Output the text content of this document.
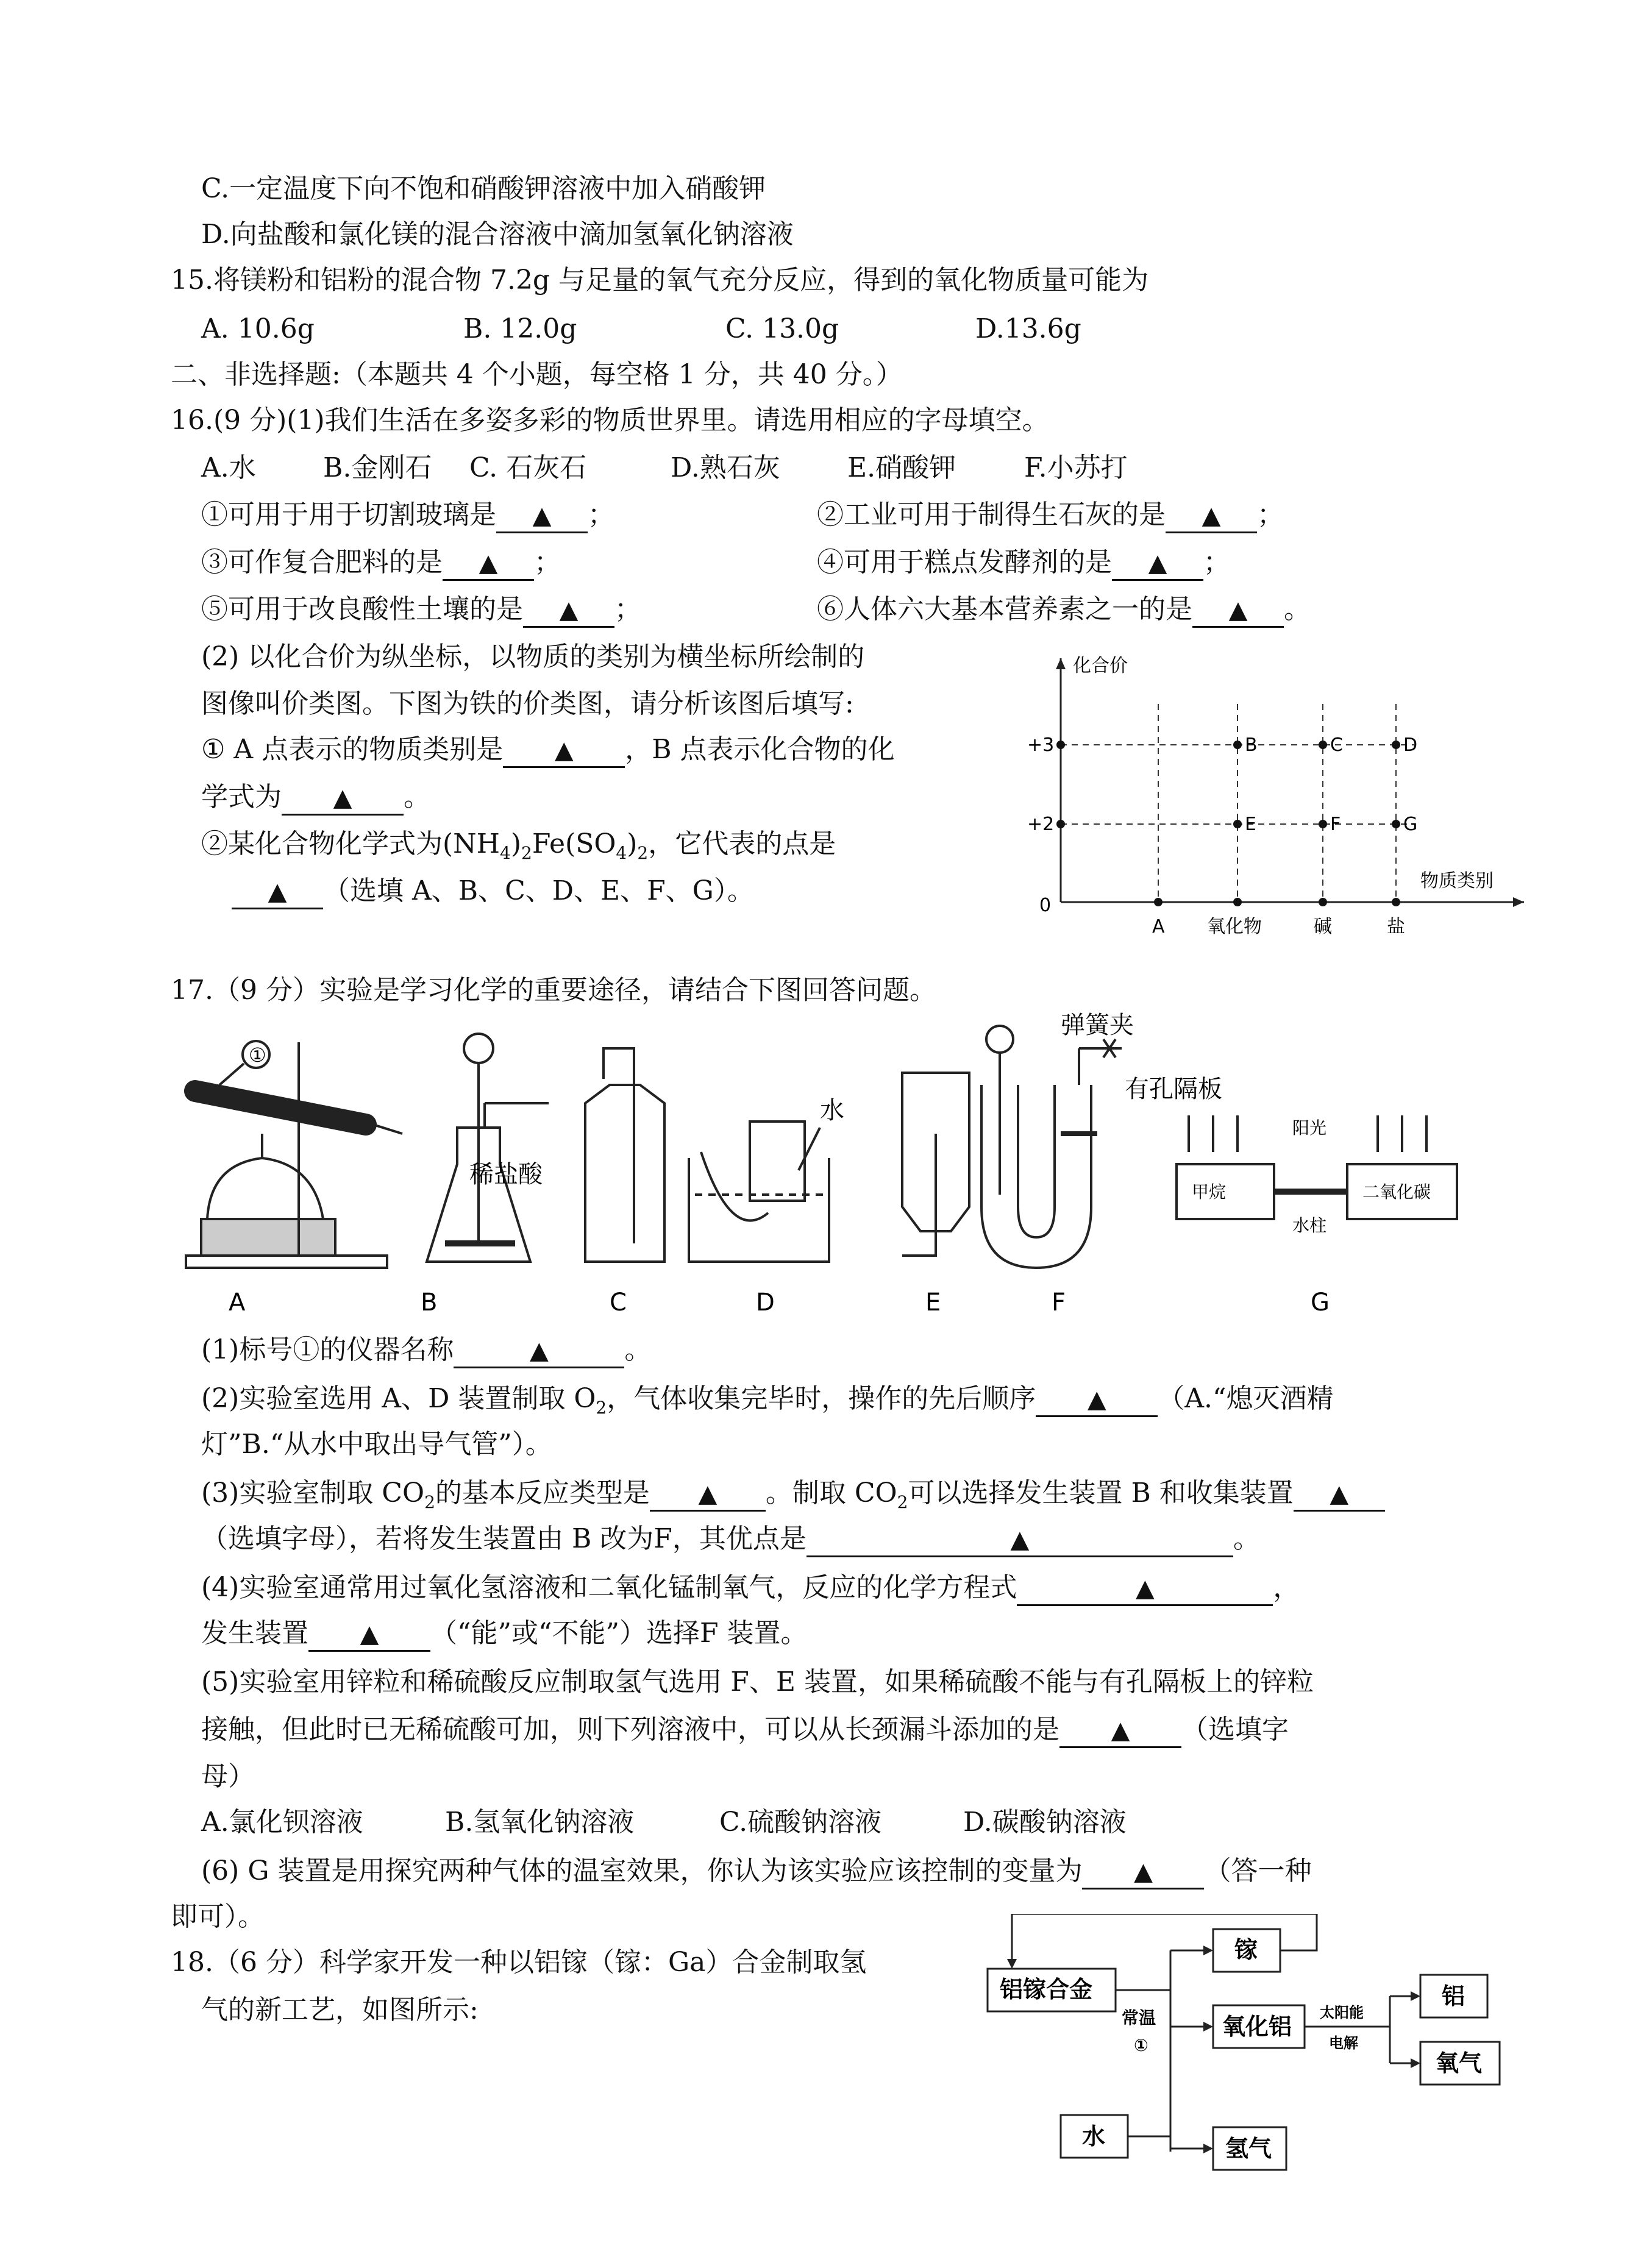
C.一定温度下向不饱和硝酸钾溶液中加入硝酸钾
D.向盐酸和氯化镁的混合溶液中滴加氢氧化钠溶液
15.将镁粉和铝粉的混合物 7.2g 与足量的氧气充分反应，得到的氧化物质量可能为
A. 10.6g	B. 12.0g	C. 13.0g	D.13.6g
二、非选择题:（本题共 4 个小题，每空格 1 分，共 40 分。）
16.(9 分)(1)我们生活在多姿多彩的物质世界里。请选用相应的字母填空。
A.水	B.金刚石 C. 石灰石	D.熟石灰	E.硝酸钾	F.小苏打
①可用于用于切割玻璃是 ▲ ；	②工业可用于制得生石灰的是 ▲ ；
③可作复合肥料的是 ▲ ；	④可用于糕点发酵剂的是 ▲ ；
⑤可用于改良酸性土壤的是 ▲ ；	⑥人体六大基本营养素之一的是 ▲ 。
(2) 以化合价为纵坐标，以物质的类别为横坐标所绘制的
图像叫价类图。下图为铁的价类图，请分析该图后填写:
① A 点表示的物质类别是 ▲ ，B 点表示化合物的化
学式为 ▲ 。
②某化合物化学式为$(NH_4)_2Fe(SO_4)_2$，它代表的点是
▲ （选填 A、B、C、D、E、F、G）。
化合价
物质类别
0
+3
+2
B	C	D
E	F	G
A 氧化物	碱	盐
17.（9 分）实验是学习化学的重要途径，请结合下图回答问题。
①
稀盐酸
水
弹簧夹
有孔隔板
甲烷	二氧化碳
阳光
水柱
A	B	C	D	E	F	G
(1)标号①的仪器名称	▲	。
(2)实验室选用 A、D 装置制取 $O_2$，气体收集完毕时，操作的先后顺序 ▲ （A.“熄灭酒精
灯”B.“从水中取出导气管”）。
(3)实验室制取 $CO_2$的基本反应类型是 ▲ 。制取 $CO_2$可以选择发生装置 B 和收集装置 ▲
（选填字母），若将发生装置由 B 改为F，其优点是	▲	。
(4)实验室通常用过氧化氢溶液和二氧化锰制氧气，反应的化学方程式	▲	，
发生装置 ▲ （“能”或“不能”）选择F 装置。
(5)实验室用锌粒和稀硫酸反应制取氢气选用 F、E 装置，如果稀硫酸不能与有孔隔板上的锌粒
接触，但此时已无稀硫酸可加，则下列溶液中，可以从长颈漏斗添加的是 ▲ （选填字
母）
A.氯化钡溶液	B.氢氧化钠溶液	C.硫酸钠溶液	D.碳酸钠溶液
(6) G 装置是用探究两种气体的温室效果，你认为该实验应该控制的变量为 ▲ （答一种
即可）。
18.（6 分）科学家开发一种以铝镓（镓：Ga）合金制取氢
气的新工艺，如图所示:
铝镓合金
水
镓
氧化铝
氢气
铝
氧气
常温
①
太阳能
电解
